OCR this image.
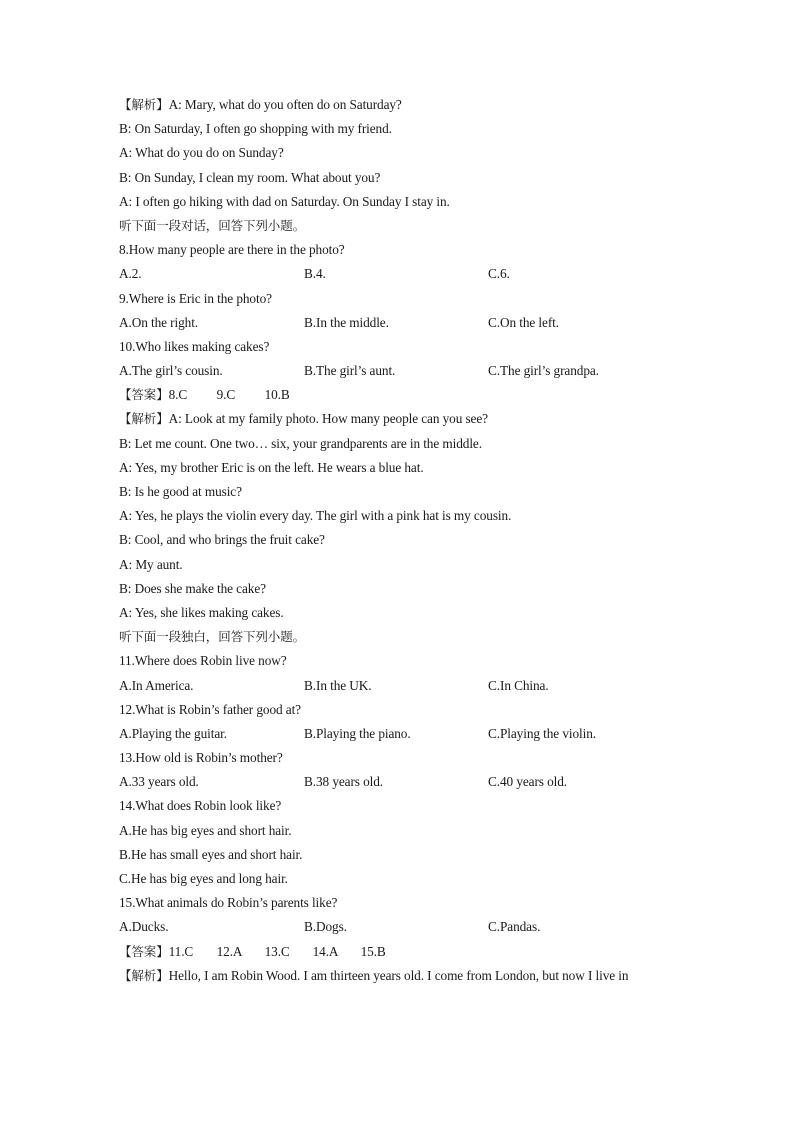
【解析】A: Mary, what do you often do on Saturday?
B: On Saturday, I often go shopping with my friend.
A: What do you do on Sunday?
B: On Sunday, I clean my room. What about you?
A: I often go hiking with dad on Saturday. On Sunday I stay in.
听下面一段对话，回答下列小题。
8.How many people are there in the photo?
A.2.	B.4.	C.6.
9.Where is Eric in the photo?
A.On the right.	B.In the middle.	C.On the left.
10.Who likes making cakes?
A.The girl’s cousin.	B.The girl’s aunt.	C.The girl’s grandpa.
【答案】8.C 9.C 10.B
【解析】A: Look at my family photo. How many people can you see?
B: Let me count. One two… six, your grandparents are in the middle.
A: Yes, my brother Eric is on the left. He wears a blue hat.
B: Is he good at music?
A: Yes, he plays the violin every day. The girl with a pink hat is my cousin.
B: Cool, and who brings the fruit cake?
A: My aunt.
B: Does she make the cake?
A: Yes, she likes making cakes.
听下面一段独白，回答下列小题。
11.Where does Robin live now?
A.In America.	B.In the UK.	C.In China.
12.What is Robin’s father good at?
A.Playing the guitar.	B.Playing the piano.	C.Playing the violin.
13.How old is Robin’s mother?
A.33 years old.	B.38 years old.	C.40 years old.
14.What does Robin look like?
A.He has big eyes and short hair.
B.He has small eyes and short hair.
C.He has big eyes and long hair.
15.What animals do Robin’s parents like?
A.Ducks.	B.Dogs.	C.Pandas.
【答案】11.C 12.A 13.C 14.A 15.B
【解析】Hello, I am Robin Wood. I am thirteen years old. I come from London, but now I live in
